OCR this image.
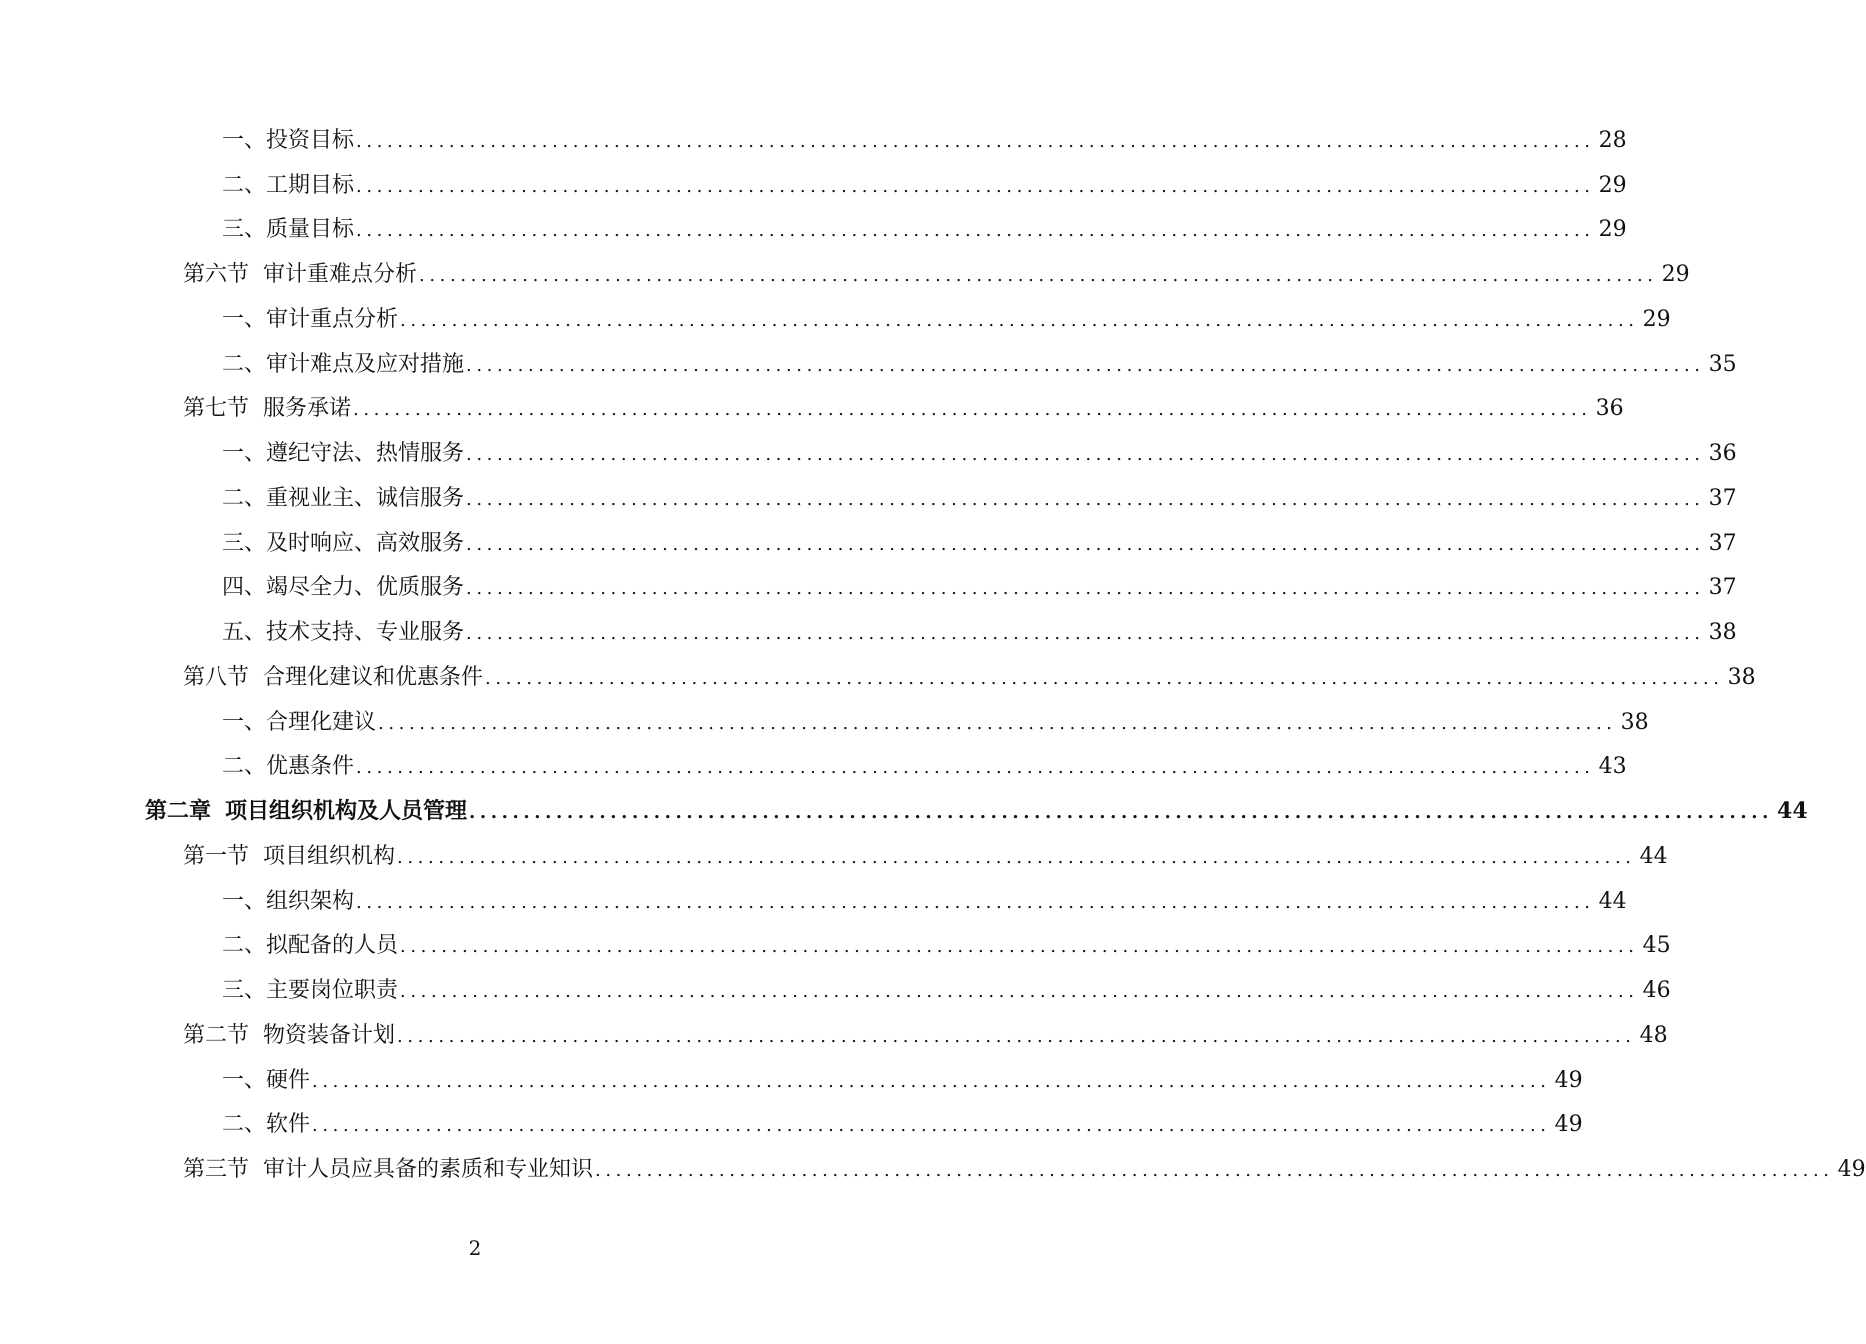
一、投资目标 ........................................................................................................................ 28
二、工期目标 ........................................................................................................................ 29
三、质量目标 ........................................................................................................................ 29
第六节 审计重难点分析 ........................................................................................................................ 29
一、审计重点分析 ........................................................................................................................ 29
二、审计难点及应对措施 ........................................................................................................................ 35
第七节 服务承诺 ........................................................................................................................ 36
一、遵纪守法、热情服务 ........................................................................................................................ 36
二、重视业主、诚信服务 ........................................................................................................................ 37
三、及时响应、高效服务 ........................................................................................................................ 37
四、竭尽全力、优质服务 ........................................................................................................................ 37
五、技术支持、专业服务 ........................................................................................................................ 38
第八节 合理化建议和优惠条件 ........................................................................................................................ 38
一、合理化建议 ........................................................................................................................ 38
二、优惠条件 ........................................................................................................................ 43
第二章 项目组织机构及人员管理 ........................................................................................................................ 44
第一节 项目组织机构 ........................................................................................................................ 44
一、组织架构 ........................................................................................................................ 44
二、拟配备的人员 ........................................................................................................................ 45
三、主要岗位职责 ........................................................................................................................ 46
第二节 物资装备计划 ........................................................................................................................ 48
一、硬件 ........................................................................................................................ 49
二、软件 ........................................................................................................................ 49
第三节 审计人员应具备的素质和专业知识 ........................................................................................................................ 49
2
